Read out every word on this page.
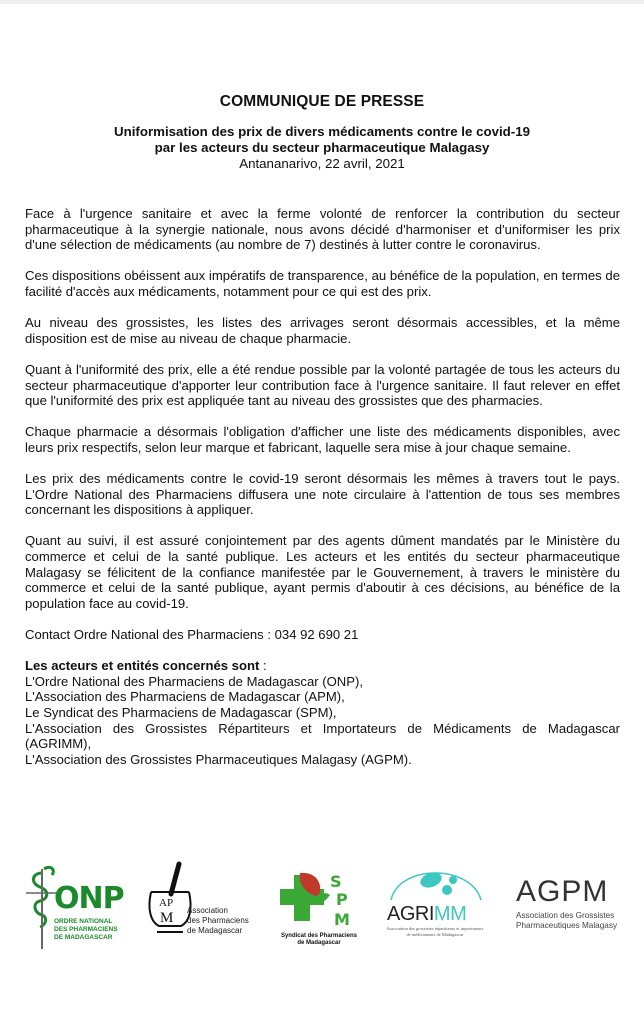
COMMUNIQUE DE PRESSE
Uniformisation des prix de divers médicaments contre le covid-19
par les acteurs du secteur pharmaceutique Malagasy
Antananarivo, 22 avril, 2021

Face à l'urgence sanitaire et avec la ferme volonté de renforcer la contribution du secteur pharmaceutique à la synergie nationale, nous avons décidé d'harmoniser et d'uniformiser les prix d'une sélection de médicaments (au nombre de 7) destinés à lutter contre le coronavirus.

Ces dispositions obéissent aux impératifs de transparence, au bénéfice de la population, en termes de facilité d'accès aux médicaments, notamment pour ce qui est des prix.

Au niveau des grossistes, les listes des arrivages seront désormais accessibles, et la même disposition est de mise au niveau de chaque pharmacie.

Quant à l'uniformité des prix, elle a été rendue possible par la volonté partagée de tous les acteurs du secteur pharmaceutique d'apporter leur contribution face à l'urgence sanitaire. Il faut relever en effet que l'uniformité des prix est appliquée tant au niveau des grossistes que des pharmacies.

Chaque pharmacie a désormais l'obligation d'afficher une liste des médicaments disponibles, avec leurs prix respectifs, selon leur marque et fabricant, laquelle sera mise à jour chaque semaine.

Les prix des médicaments contre le covid-19 seront désormais les mêmes à travers tout le pays. L'Ordre National des Pharmaciens diffusera une note circulaire à l'attention de tous ses membres concernant les dispositions à appliquer.

Quant au suivi, il est assuré conjointement par des agents dûment mandatés par le Ministère du commerce et celui de la santé publique. Les acteurs et les entités du secteur pharmaceutique Malagasy se félicitent de la confiance manifestée par le Gouvernement, à travers le ministère du commerce et celui de la santé publique, ayant permis d'aboutir à ces décisions, au bénéfice de la population face au covid-19.

Contact Ordre National des Pharmaciens : 034 92 690 21

Les acteurs et entités concernés sont :
L'Ordre National des Pharmaciens de Madagascar (ONP),
L'Association des Pharmaciens de Madagascar (APM),
Le Syndicat des Pharmaciens de Madagascar (SPM),
L'Association des Grossistes Répartiteurs et Importateurs de Médicaments de Madagascar (AGRIMM),
L'Association des Grossistes Pharmaceutiques Malagasy (AGPM).
ONP
ORDRE NATIONAL
DES PHARMACIENS
DE MADAGASCAR
AP
M Association
des Pharmaciens
de Madagascar
S
P
M
Syndicat des Pharmaciens
de Madagascar
AGRIMM
Association des grossistes répartiteurs et importateurs de médicaments de Madagascar
AGPM
Association des Grossistes
Pharmaceutiques Malagasy
